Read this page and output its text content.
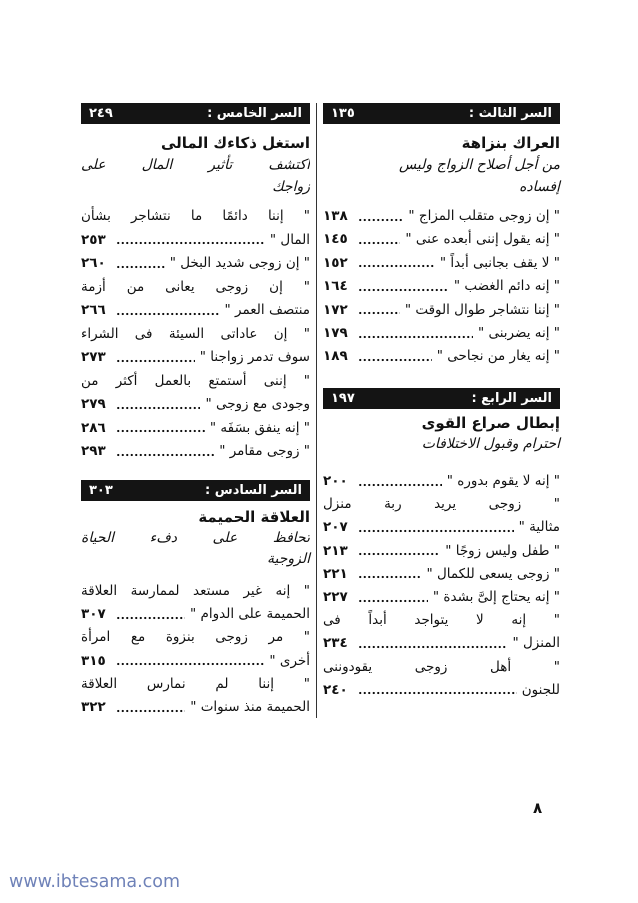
السر الثالث :
١٣٥
العراك بنزاهة
من أجل أصلاح الزواج وليس
إفساده
" إن زوجى متقلب المزاج "
١٣٨
" إنه يقول إننى أبعده عنى "
١٤٥
" لا يقف بجانبى أبداً "
١٥٢
" إنه دائم الغضب "
١٦٤
" إننا نتشاجر طوال الوقت "
١٧٢
" إنه يضربنى "
١٧٩
" إنه يغار من نجاحى "
١٨٩
السر الرابع :
١٩٧
إبطال صراع القوى
احترام وقبول الاختلافات
" إنه لا يقوم بدوره "
٢٠٠
" زوجى يريد ربة منزل
مثالية "
٢٠٧
" طفل وليس زوجًا "
٢١٣
" زوجى يسعى للكمال "
٢٢١
" إنه يحتاج إلىَّ بشدة "
٢٢٧
" إنه لا يتواجد أبداً فى
المنزل "
٢٣٤
" أهل زوجى يقودوننى
للجنون
٢٤٠
السر الخامس :
٢٤٩
استغل ذكاءك المالى
اكتشف تأثير المال على
زواجك
" إننا دائمًا ما نتشاجر بشأن
المال "
٢٥٣
" إن زوجى شديد البخل "
٢٦٠
" إن زوجى يعانى من أزمة
منتصف العمر "
٢٦٦
" إن عاداتى السيئة فى الشراء
سوف تدمر زواجنا "
٢٧٣
" إننى أستمتع بالعمل أكثر من
وجودى مع زوجى "
٢٧٩
" إنه ينفق بسَفَه "
٢٨٦
" زوجى مقامر "
٢٩٣
السر السادس :
٣٠٣
العلاقة الحميمة
تحافظ على دفء الحياة
الزوجية
" إنه غير مستعد لممارسة العلاقة
الحميمة على الدوام "
٣٠٧
" مر زوجى بنزوة مع امرأة
أخرى "
٣١٥
" إننا لم نمارس العلاقة
الحميمة منذ سنوات "
٣٢٢
٨
www.ibtesama.com
